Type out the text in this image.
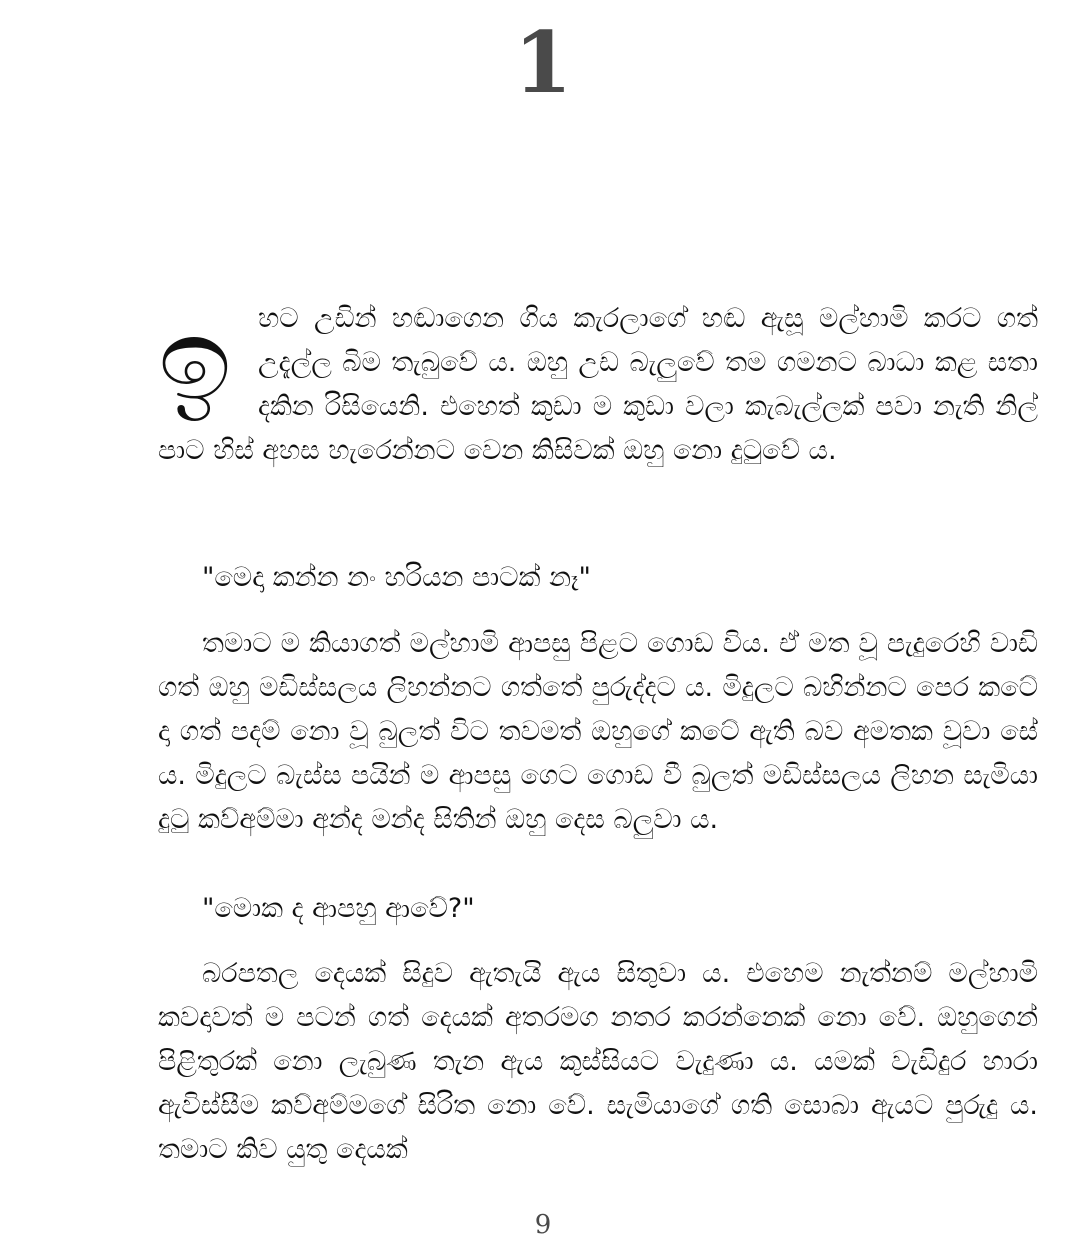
1
ඉ හට උඩින් හඬාගෙන ගිය කැරලාගේ හඬ ඇසූ මල්හාමි කරට ගත් උදැල්ල බිම තැබුවේ ය. ඔහු උඩ බැලුවේ තම ගමනට බාධා කළ සතා දකින රිසියෙනි. එහෙත් කුඩා ම කුඩා වලා කැබැල්ලක් පවා නැති නිල් පාට හිස් අහස හැරෙන්නට වෙන කිසිවක් ඔහු නො දුටුවේ ය.
"මෙදා කන්න නං හරියන පාටක් නෑ"
තමාට ම කියාගත් මල්හාමි ආපසු පිළට ගොඩ විය. ඒ මත වූ පැදුරෙහි වාඩි ගත් ඔහු මඩිස්සලය ලිහන්නට ගත්තේ පුරුද්දට ය. මිදුලට බහින්නට පෙර කටේ දා ගත් පදම් නො වූ බුලත් විට තවමත් ඔහුගේ කටේ ඇති බව අමතක වූවා සේ ය. මිදුලට බැස්ස පයින් ම ආපසු ගෙට ගොඩ වී බුලත් මඩිස්සලය ලිහන සැමියා දුටු කව්අම්මා අන්ද මන්ද සිතින් ඔහු දෙස බලුවා ය.
"මොක ද ආපහු ආවේ?"
බරපතල දෙයක් සිදුව ඇතැයි ඇය සිතුවා ය. එහෙම නැත්නම් මල්හාමි කවදාවත් ම පටන් ගත් දෙයක් අතරමග නතර කරන්නෙක් නො වේ. ඔහුගෙන් පිළිතුරක් නො ලැබුණ තැන ඇය කුස්සියට වැදුණා ය. යමක් වැඩිදුර හාරා ඇවිස්සීම කව්අම්මගේ සිරිත නො වේ. සැමියාගේ ගති සොබා ඇයට පුරුදු ය. තමාට කිව යුතු දෙයක්
9
